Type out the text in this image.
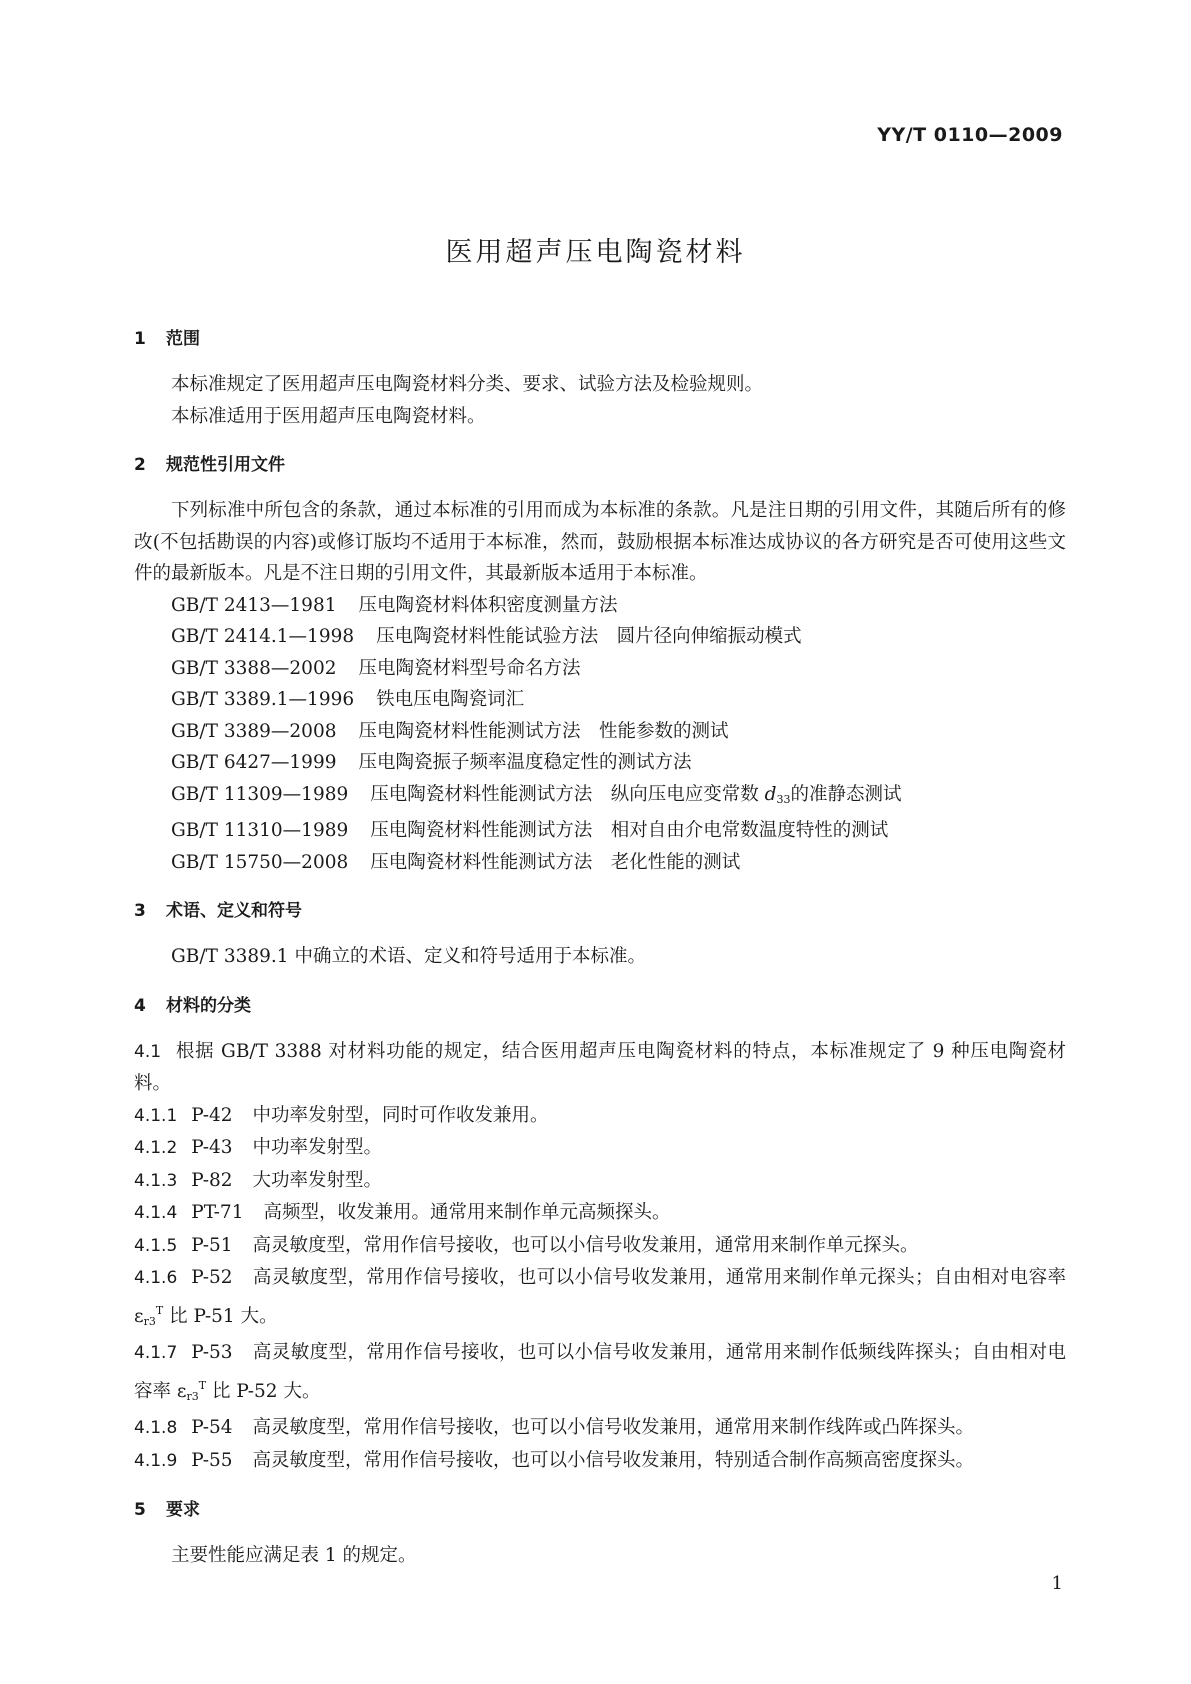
YY/T 0110—2009
医用超声压电陶瓷材料
1 范围

本标准规定了医用超声压电陶瓷材料分类、要求、试验方法及检验规则。

本标准适用于医用超声压电陶瓷材料。

2 规范性引用文件

下列标准中所包含的条款，通过本标准的引用而成为本标准的条款。凡是注日期的引用文件，其随后所有的修改(不包括勘误的内容)或修订版均不适用于本标准，然而，鼓励根据本标准达成协议的各方研究是否可使用这些文件的最新版本。凡是不注日期的引用文件，其最新版本适用于本标准。

GB/T 2413—1981 压电陶瓷材料体积密度测量方法
GB/T 2414.1—1998 压电陶瓷材料性能试验方法　圆片径向伸缩振动模式
GB/T 3388—2002 压电陶瓷材料型号命名方法
GB/T 3389.1—1996 铁电压电陶瓷词汇
GB/T 3389—2008 压电陶瓷材料性能测试方法　性能参数的测试
GB/T 6427—1999 压电陶瓷振子频率温度稳定性的测试方法
GB/T 11309—1989 压电陶瓷材料性能测试方法　纵向压电应变常数 $d_{33}$的准静态测试
GB/T 11310—1989 压电陶瓷材料性能测试方法　相对自由介电常数温度特性的测试
GB/T 15750—2008 压电陶瓷材料性能测试方法　老化性能的测试
3 术语、定义和符号

GB/T 3389.1 中确立的术语、定义和符号适用于本标准。

4 材料的分类

4.1 根据 GB/T 3388 对材料功能的规定，结合医用超声压电陶瓷材料的特点，本标准规定了 9 种压电陶瓷材料。

4.1.1 P-42 中功率发射型，同时可作收发兼用。

4.1.2 P-43 中功率发射型。

4.1.3 P-82 大功率发射型。

4.1.4 PT-71 高频型，收发兼用。通常用来制作单元高频探头。

4.1.5 P-51 高灵敏度型，常用作信号接收，也可以小信号收发兼用，通常用来制作单元探头。

4.1.6 P-52 高灵敏度型，常用作信号接收，也可以小信号收发兼用，通常用来制作单元探头；自由相对电容率 $\varepsilon_{r3}^T$ 比 P-51 大。

4.1.7 P-53 高灵敏度型，常用作信号接收，也可以小信号收发兼用，通常用来制作低频线阵探头；自由相对电容率 $\varepsilon_{r3}^T$ 比 P-52 大。

4.1.8 P-54 高灵敏度型，常用作信号接收，也可以小信号收发兼用，通常用来制作线阵或凸阵探头。

4.1.9 P-55 高灵敏度型，常用作信号接收，也可以小信号收发兼用，特别适合制作高频高密度探头。

5 要求

主要性能应满足表 1 的规定。

1
